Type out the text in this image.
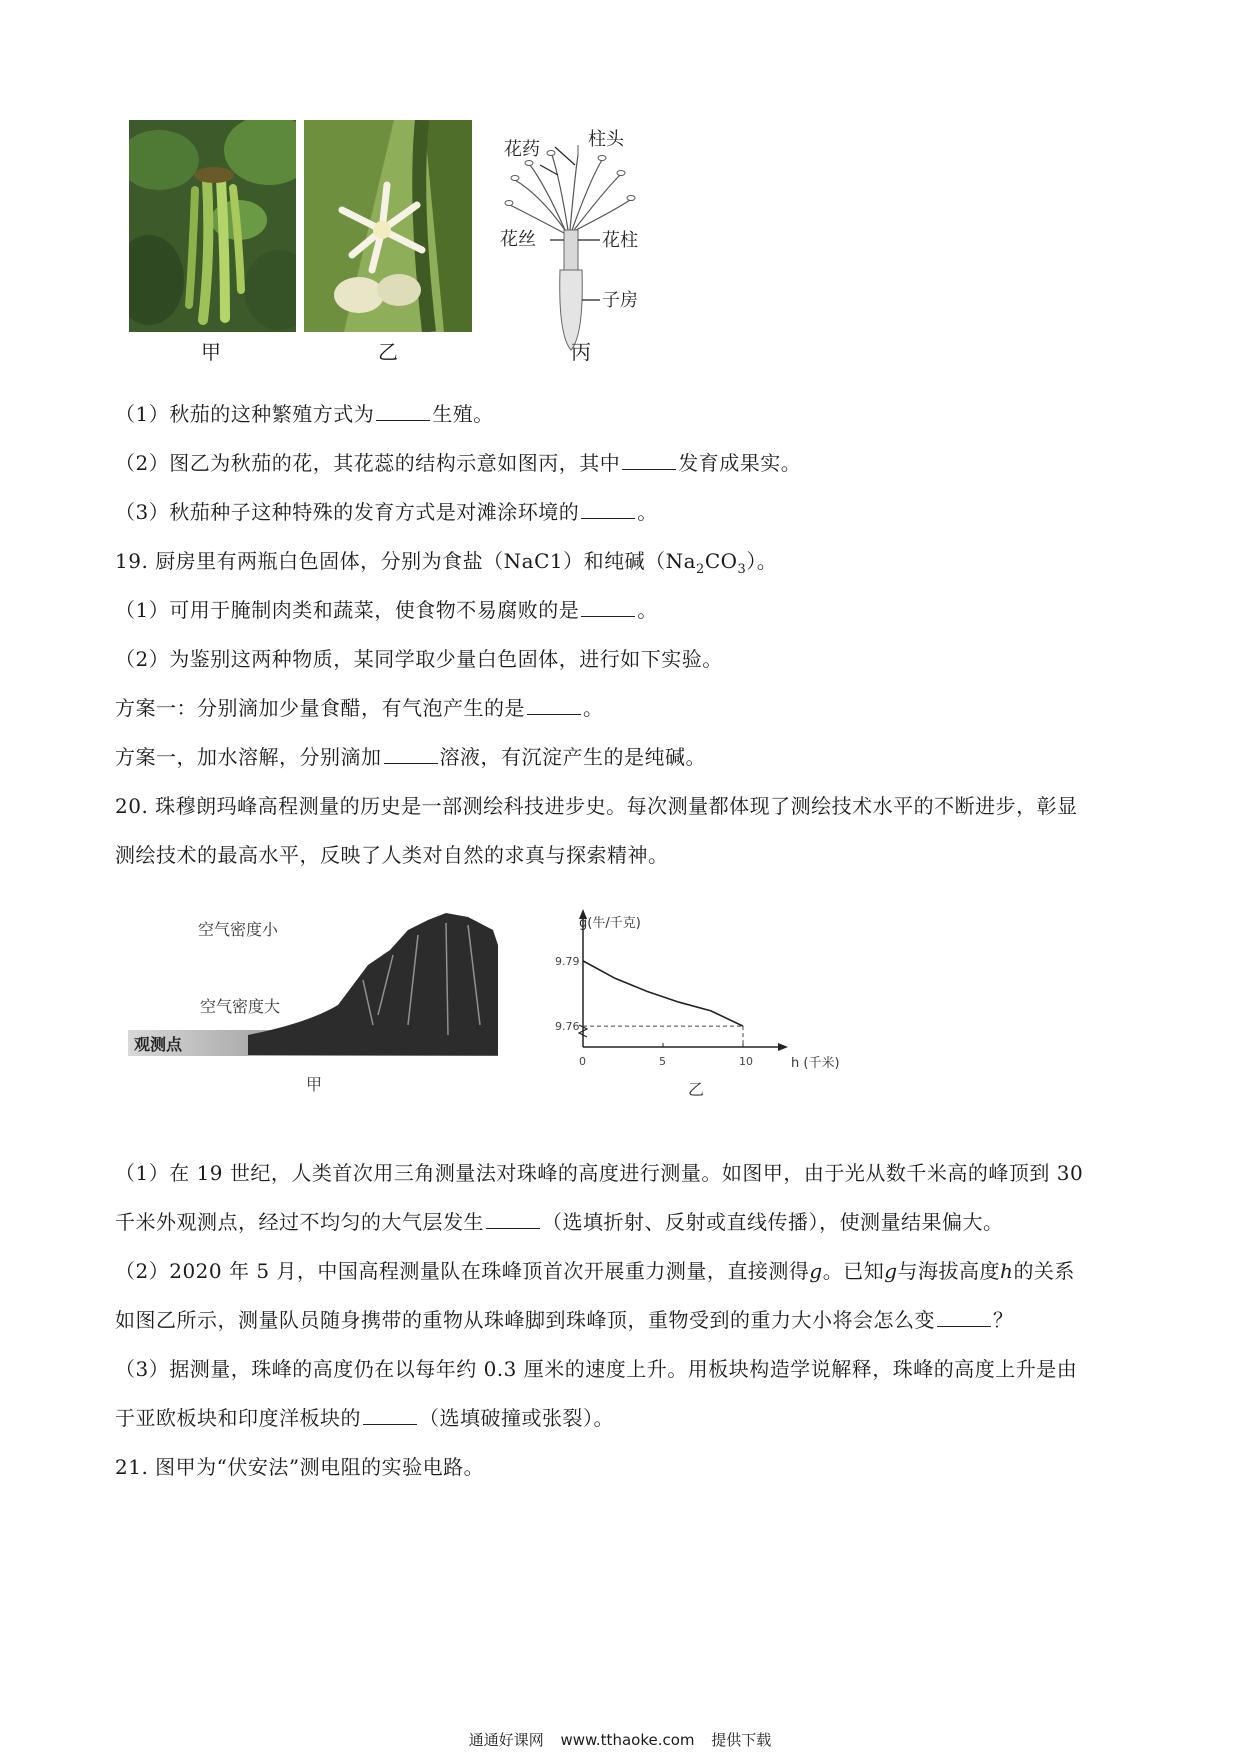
花药	柱头
花丝	花柱
子房
甲	乙	丙
（1）秋茄的这种繁殖方式为	生殖。
（2）图乙为秋茄的花，其花蕊的结构示意如图丙，其中	发育成果实。
（3）秋茄种子这种特殊的发育方式是对滩涂环境的	。
19. 厨房里有两瓶白色固体，分别为食盐（NaC1）和纯碱$(Na_2CO_3)$。
（1）可用于腌制肉类和蔬菜，使食物不易腐败的是	。
（2）为鉴别这两种物质，某同学取少量白色固体，进行如下实验。
方案一：分别滴加少量食醋，有气泡产生的是	。
方案一，加水溶解，分别滴加	溶液，有沉淀产生的是纯碱。
20. 珠穆朗玛峰高程测量的历史是一部测绘科技进步史。每次测量都体现了测绘技术水平的不断进步，彰显
测绘技术的最高水平，反映了人类对自然的求真与探索精神。
空气密度小
空气密度大
观测点
甲
g(牛/千克)
h (千米)
9.79
9.76
0	5	10
乙
（1）在 19 世纪，人类首次用三角测量法对珠峰的高度进行测量。如图甲，由于光从数千米高的峰顶到 30
千米外观测点，经过不均匀的大气层发生	（选填折射、反射或直线传播），使测量结果偏大。
（2）2020 年 5 月，中国高程测量队在珠峰顶首次开展重力测量，直接测得g。已知g与海拔高度h的关系
如图乙所示，测量队员随身携带的重物从珠峰脚到珠峰顶，重物受到的重力大小将会怎么变	？
（3）据测量，珠峰的高度仍在以每年约 0.3 厘米的速度上升。用板块构造学说解释，珠峰的高度上升是由
于亚欧板块和印度洋板块的	（选填破撞或张裂）。
21. 图甲为“伏安法”测电阻的实验电路。
通通好课网 www.tthaoke.com 提供下载
